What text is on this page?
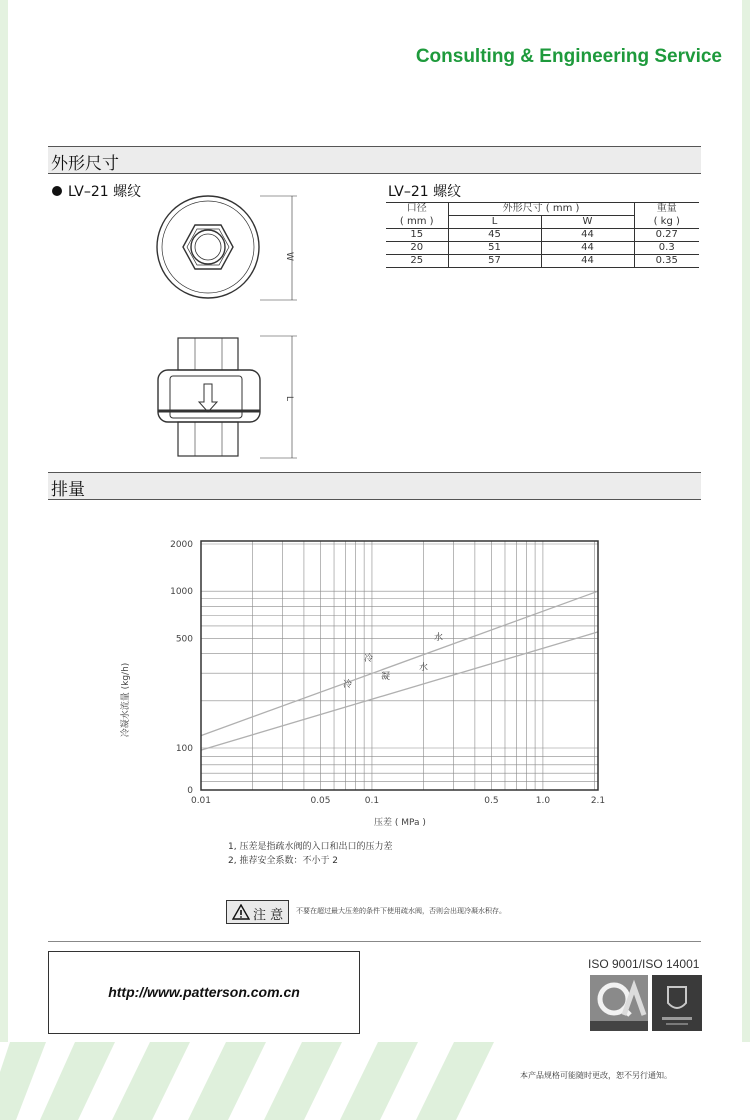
Consulting & Engineering Service
外形尺寸
LV–21 螺纹
W
L
LV–21 螺纹
口径	外形尺寸 ( mm )		重量
( mm )	L	W	( kg )
15	45	44	0.27
20	51	44	0.3
25	57	44	0.35
排量
0.01	0.05	0.1	0.5	1.0	2.1
2000
1000
500
100
0
冷凝水流量 (kg/h)
压差 ( MPa )
冷
水
冷
凝
水
1, 压差是指疏水阀的入口和出口的压力差
2, 推荐安全系数：不小于 2
注 意 不要在超过最大压差的条件下使用疏水阀，否则会出现冷凝水积存。
http://www.patterson.com.cn
ISO 9001/ISO 14001
本产品规格可能随时更改，恕不另行通知。
